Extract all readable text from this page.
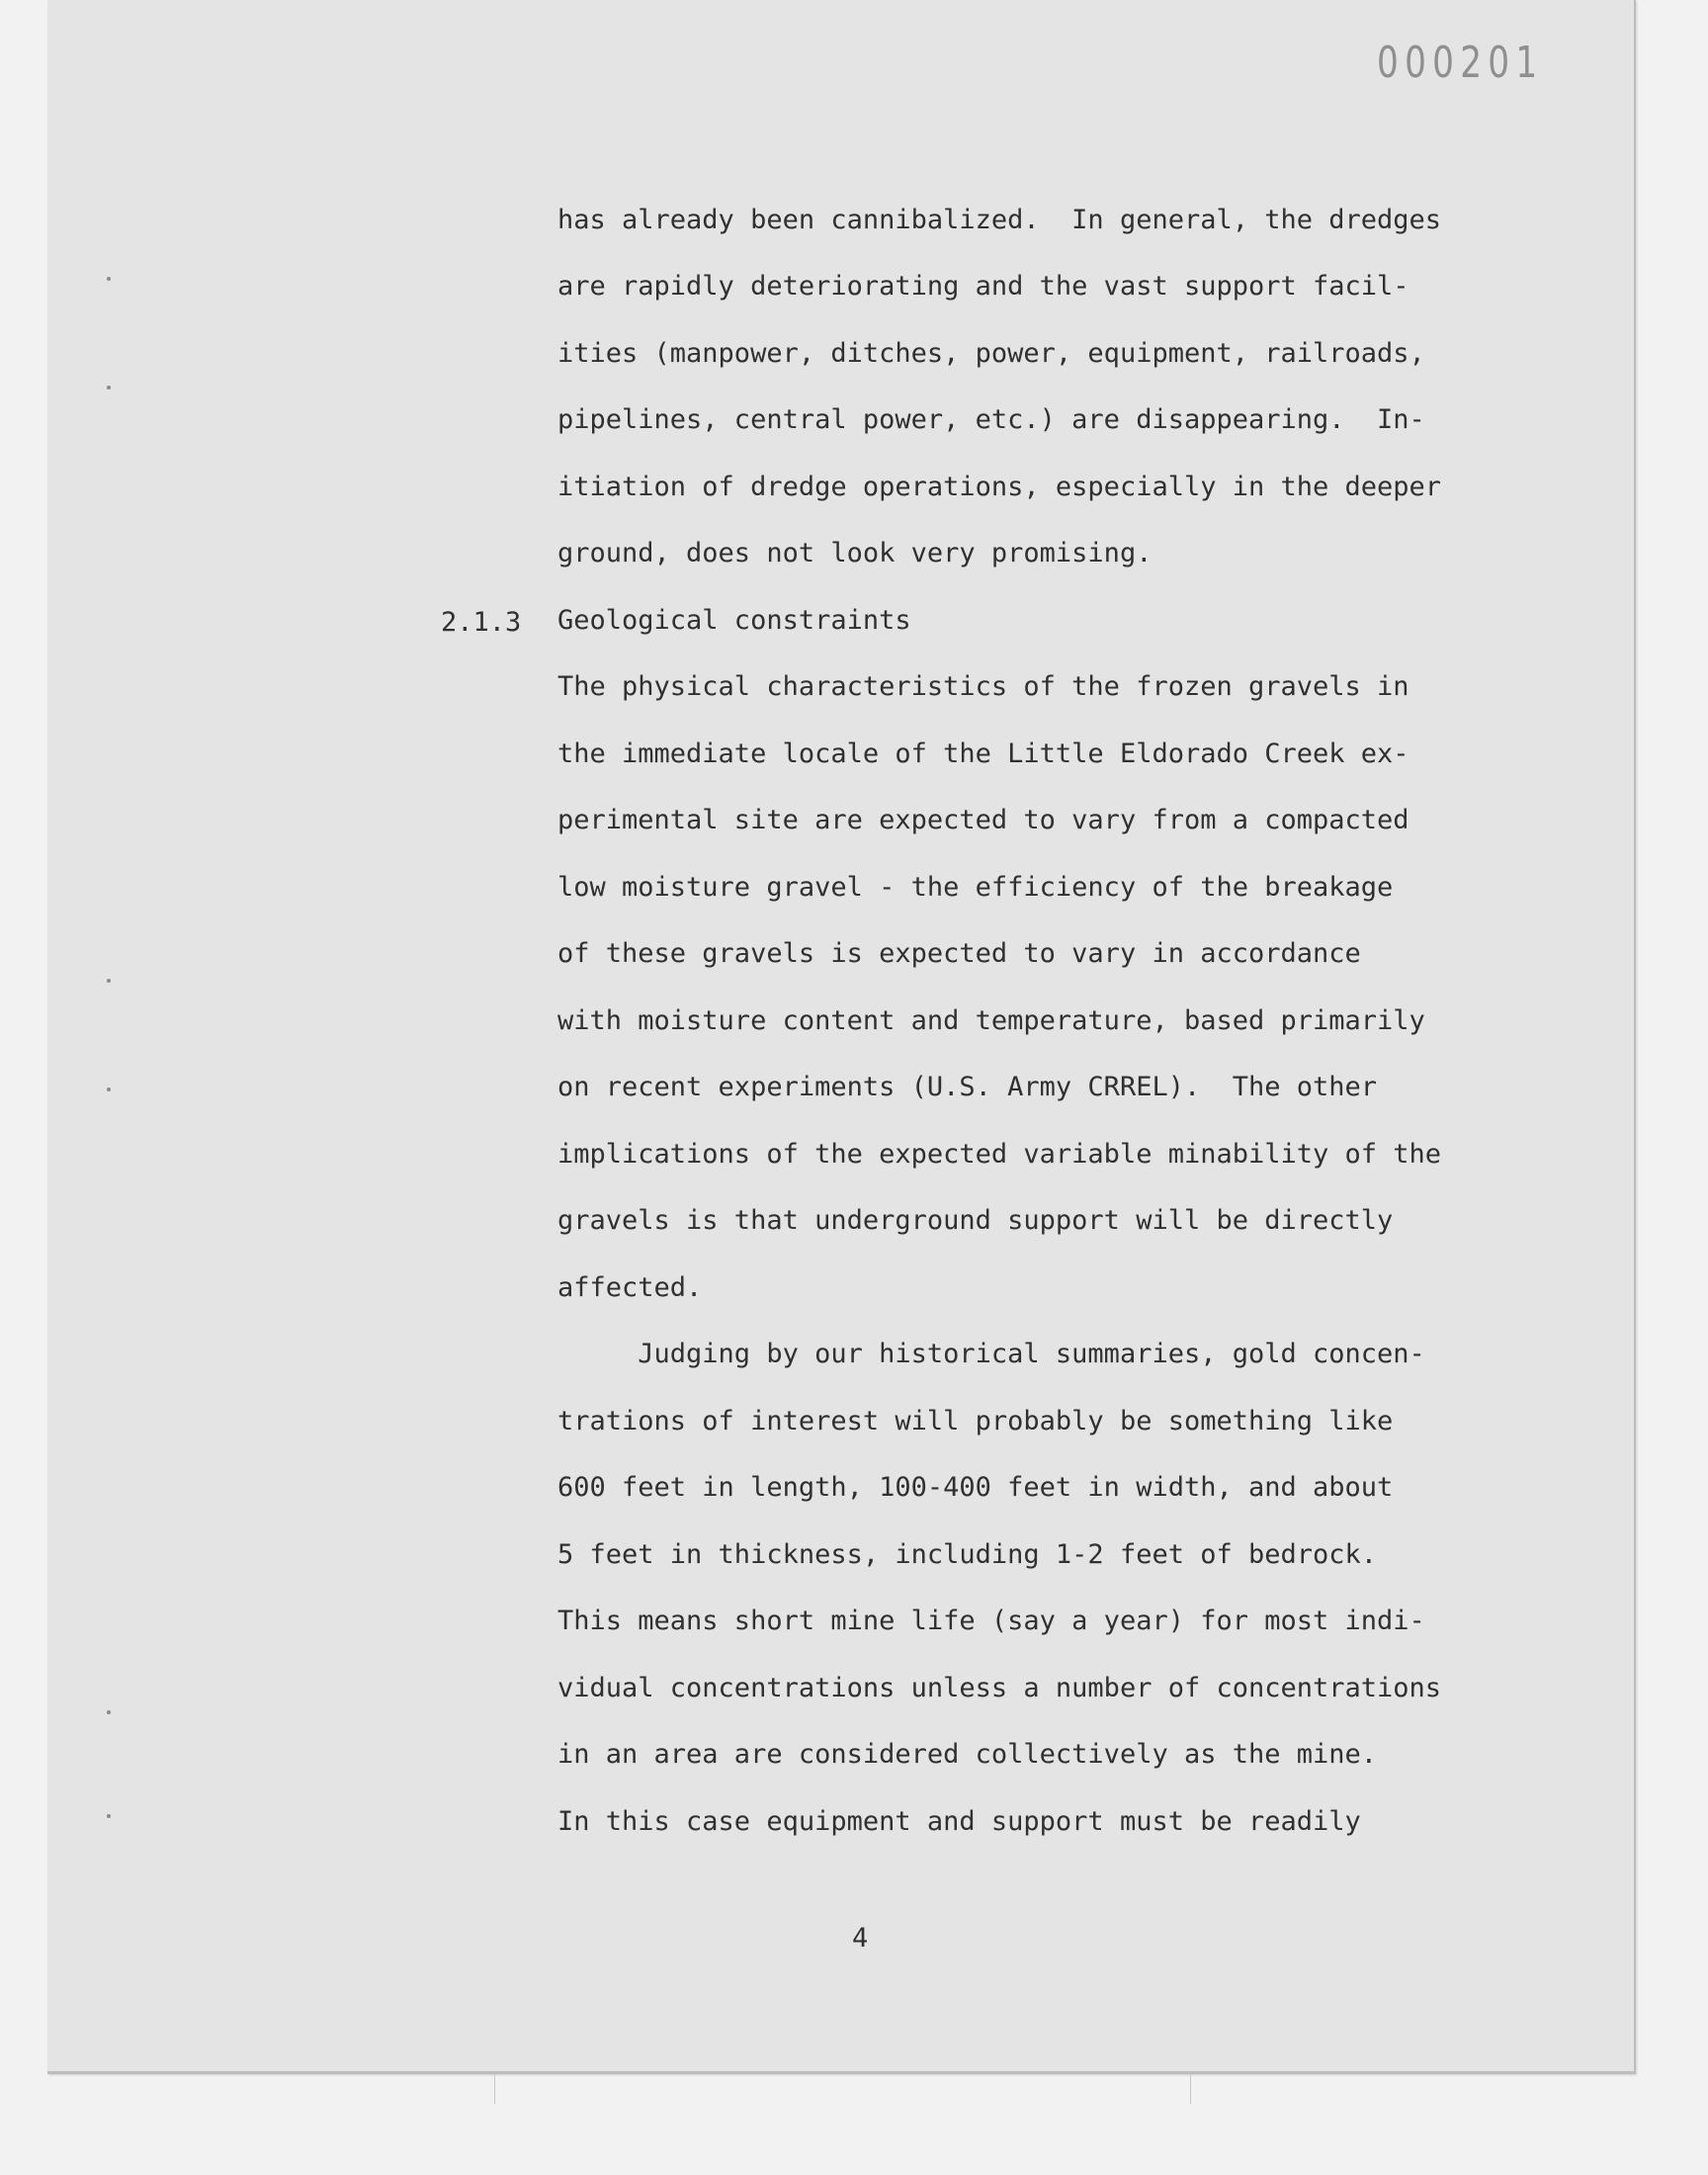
000201
has already been cannibalized.  In general, the dredges
are rapidly deteriorating and the vast support facil-
ities (manpower, ditches, power, equipment, railroads,
pipelines, central power, etc.) are disappearing.  In-
itiation of dredge operations, especially in the deeper
ground, does not look very promising.
2.1.3 Geological constraints
The physical characteristics of the frozen gravels in
the immediate locale of the Little Eldorado Creek ex-
perimental site are expected to vary from a compacted
low moisture gravel - the efficiency of the breakage
of these gravels is expected to vary in accordance
with moisture content and temperature, based primarily
on recent experiments (U.S. Army CRREL).  The other
implications of the expected variable minability of the
gravels is that underground support will be directly
affected.
Judging by our historical summaries, gold concen-
trations of interest will probably be something like
600 feet in length, 100-400 feet in width, and about
5 feet in thickness, including 1-2 feet of bedrock.
This means short mine life (say a year) for most indi-
vidual concentrations unless a number of concentrations
in an area are considered collectively as the mine.
In this case equipment and support must be readily
4
